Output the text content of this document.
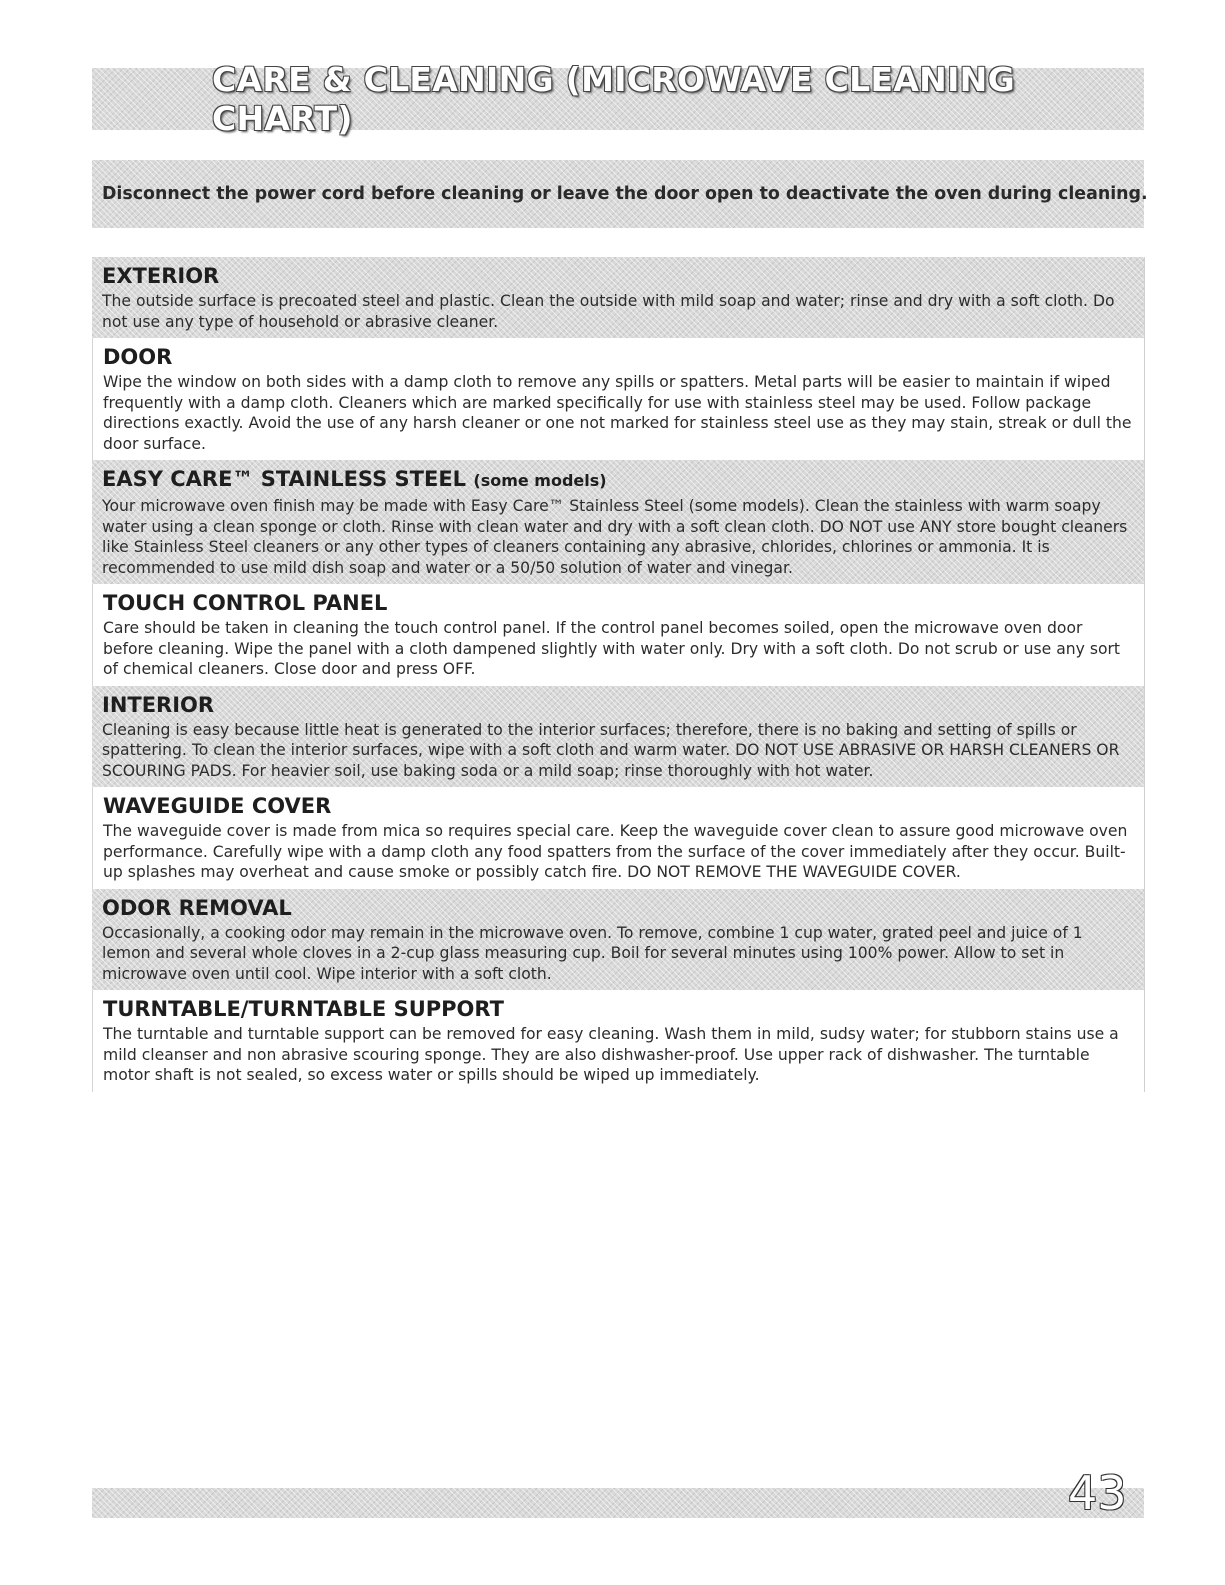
CARE & CLEANING (MICROWAVE CLEANING CHART)

Disconnect the power cord before cleaning or leave the door open to deactivate the oven during cleaning.

EXTERIOR

The outside surface is precoated steel and plastic. Clean the outside with mild soap and water; rinse and dry with a soft cloth. Do not use any type of household or abrasive cleaner.

DOOR

Wipe the window on both sides with a damp cloth to remove any spills or spatters. Metal parts will be easier to maintain if wiped frequently with a damp cloth. Cleaners which are marked specifically for use with stainless steel may be used. Follow package directions exactly. Avoid the use of any harsh cleaner or one not marked for stainless steel use as they may stain, streak or dull the door surface.

EASY CARE™ STAINLESS STEEL (some models)

Your microwave oven finish may be made with Easy Care™ Stainless Steel (some models). Clean the stainless with warm soapy water using a clean sponge or cloth. Rinse with clean water and dry with a soft clean cloth. DO NOT use ANY store bought cleaners like Stainless Steel cleaners or any other types of cleaners containing any abrasive, chlorides, chlorines or ammonia. It is recommended to use mild dish soap and water or a 50/50 solution of water and vinegar.

TOUCH CONTROL PANEL

Care should be taken in cleaning the touch control panel. If the control panel becomes soiled, open the microwave oven door before cleaning. Wipe the panel with a cloth dampened slightly with water only. Dry with a soft cloth. Do not scrub or use any sort of chemical cleaners. Close door and press OFF.

INTERIOR

Cleaning is easy because little heat is generated to the interior surfaces; therefore, there is no baking and setting of spills or spattering. To clean the interior surfaces, wipe with a soft cloth and warm water. DO NOT USE ABRASIVE OR HARSH CLEANERS OR SCOURING PADS. For heavier soil, use baking soda or a mild soap; rinse thoroughly with hot water.

WAVEGUIDE COVER

The waveguide cover is made from mica so requires special care. Keep the waveguide cover clean to assure good microwave oven performance. Carefully wipe with a damp cloth any food spatters from the surface of the cover immediately after they occur. Built-up splashes may overheat and cause smoke or possibly catch fire. DO NOT REMOVE THE WAVEGUIDE COVER.

ODOR REMOVAL

Occasionally, a cooking odor may remain in the microwave oven. To remove, combine 1 cup water, grated peel and juice of 1 lemon and several whole cloves in a 2-cup glass measuring cup. Boil for several minutes using 100% power. Allow to set in microwave oven until cool. Wipe interior with a soft cloth.

TURNTABLE/TURNTABLE SUPPORT

The turntable and turntable support can be removed for easy cleaning. Wash them in mild, sudsy water; for stubborn stains use a mild cleanser and non abrasive scouring sponge. They are also dishwasher-proof. Use upper rack of dishwasher. The turntable motor shaft is not sealed, so excess water or spills should be wiped up immediately.

43
